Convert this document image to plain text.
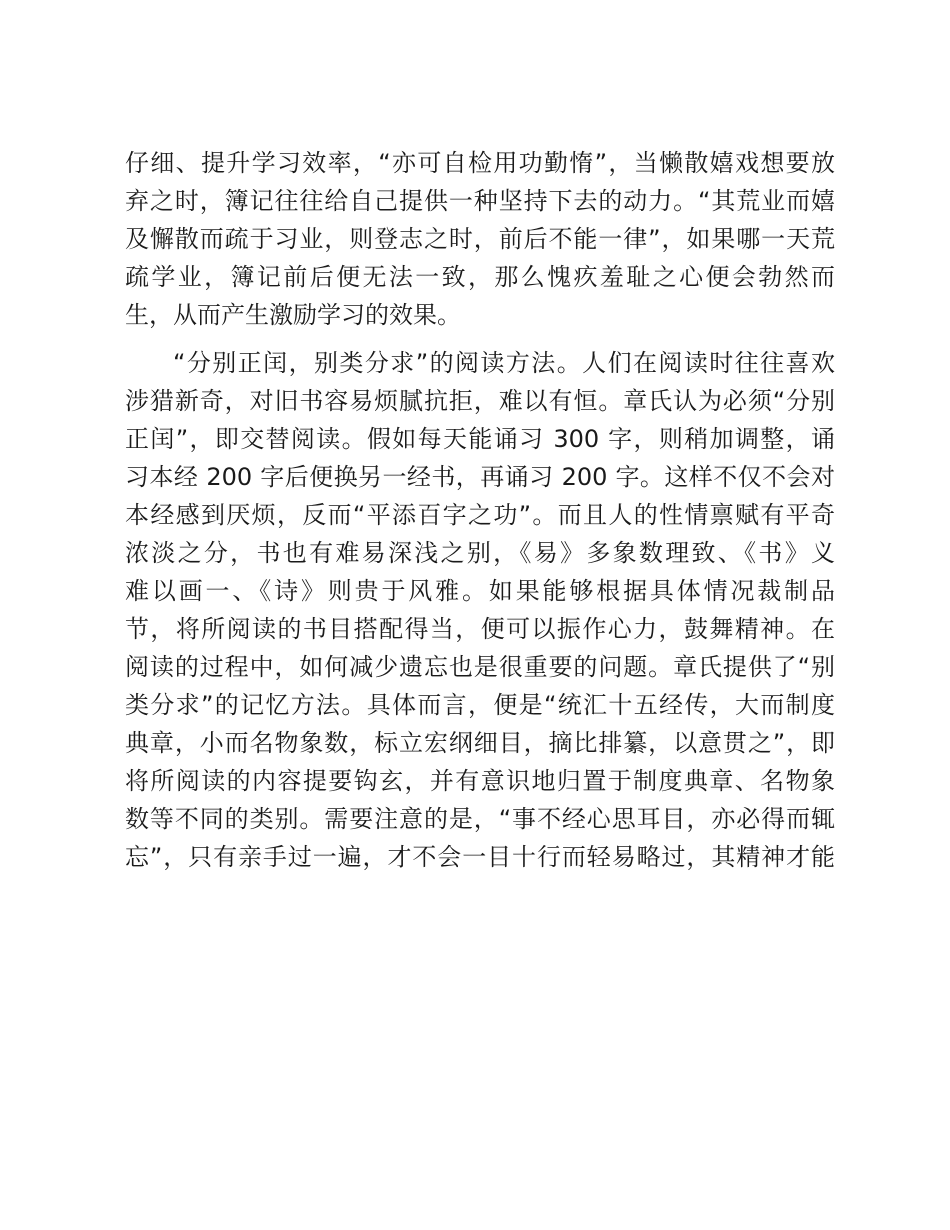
仔细、提升学习效率，“亦可自检用功勤惰”，当懒散嬉戏想要放
弃之时，簿记往往给自己提供一种坚持下去的动力。“其荒业而嬉
及懈散而疏于习业，则登志之时，前后不能一律”，如果哪一天荒
疏学业，簿记前后便无法一致，那么愧疚羞耻之心便会勃然而
生，从而产生激励学习的效果。
“分别正闰，别类分求”的阅读方法。人们在阅读时往往喜欢
涉猎新奇，对旧书容易烦腻抗拒，难以有恒。章氏认为必须“分别
正闰”，即交替阅读。假如每天能诵习 300 字，则稍加调整，诵
习本经 200 字后便换另一经书，再诵习 200 字。这样不仅不会对
本经感到厌烦，反而“平添百字之功”。而且人的性情禀赋有平奇
浓淡之分，书也有难易深浅之别，《易》多象数理致、《书》义
难以画一、《诗》则贵于风雅。如果能够根据具体情况裁制品
节，将所阅读的书目搭配得当，便可以振作心力，鼓舞精神。在
阅读的过程中，如何减少遗忘也是很重要的问题。章氏提供了“别
类分求”的记忆方法。具体而言，便是“统汇十五经传，大而制度
典章，小而名物象数，标立宏纲细目，摘比排纂，以意贯之”，即
将所阅读的内容提要钩玄，并有意识地归置于制度典章、名物象
数等不同的类别。需要注意的是，“事不经心思耳目，亦必得而辄
忘”，只有亲手过一遍，才不会一目十行而轻易略过，其精神才能
